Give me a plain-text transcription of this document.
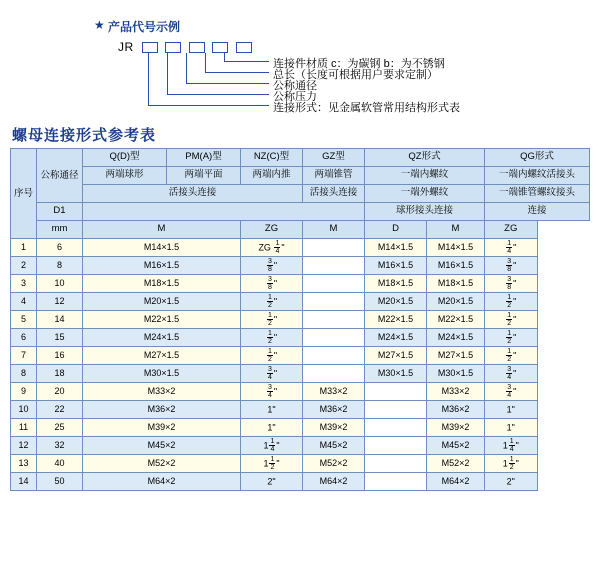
★ 产品代号示例
JR

连接件材质 c：为碳钢 b：为不锈钢
总长（长度可根据用户要求定制）
公称通径
公称压力
连接形式：见金属软管常用结构形式表
螺母连接形式参考表
序号	公称通径	Q(D)型	PM(A)型	NZ(C)型	GZ型	QZ形式		QG形式
		两端球形	两端平面	两端内推	两端锥管	一端内螺纹		一端内螺纹活接头
		活接头连接			活接头连接	一端外螺纹		一端锥管螺纹接头
	D1					球形接头连接		连接
	mm	M		ZG	M	D	M	ZG
1	6	M14×1.5		ZG $\frac{1}{4}$ "		M14×1.5	M14×1.5	$\frac{1}{4}$ "
2	8	M16×1.5		$\frac{3}{8}$ "		M16×1.5	M16×1.5	$\frac{3}{8}$ "
3	10	M18×1.5		$\frac{3}{8}$ "		M18×1.5	M18×1.5	$\frac{3}{8}$ "
4	12	M20×1.5		$\frac{1}{2}$ "		M20×1.5	M20×1.5	$\frac{1}{2}$ "
5	14	M22×1.5		$\frac{1}{2}$ "		M22×1.5	M22×1.5	$\frac{1}{2}$ "
6	15	M24×1.5		$\frac{1}{2}$ "		M24×1.5	M24×1.5	$\frac{1}{2}$ "
7	16	M27×1.5		$\frac{1}{2}$ "		M27×1.5	M27×1.5	$\frac{1}{2}$ "
8	18	M30×1.5		$\frac{3}{4}$ "		M30×1.5	M30×1.5	$\frac{3}{4}$ "
9	20	M33×2		$\frac{3}{4}$ "	M33×2		M33×2	$\frac{3}{4}$ "
10	22	M36×2		1"	M36×2		M36×2	1"
11	25	M39×2		1"	M39×2		M39×2	1"
12	32	M45×2		$1 \frac{1}{4}$ "	M45×2		M45×2	$1 \frac{1}{4}$ "
13	40	M52×2		$1 \frac{1}{2}$ "	M52×2		M52×2	$1 \frac{1}{2}$ "
14	50	M64×2		2"	M64×2		M64×2	2"
